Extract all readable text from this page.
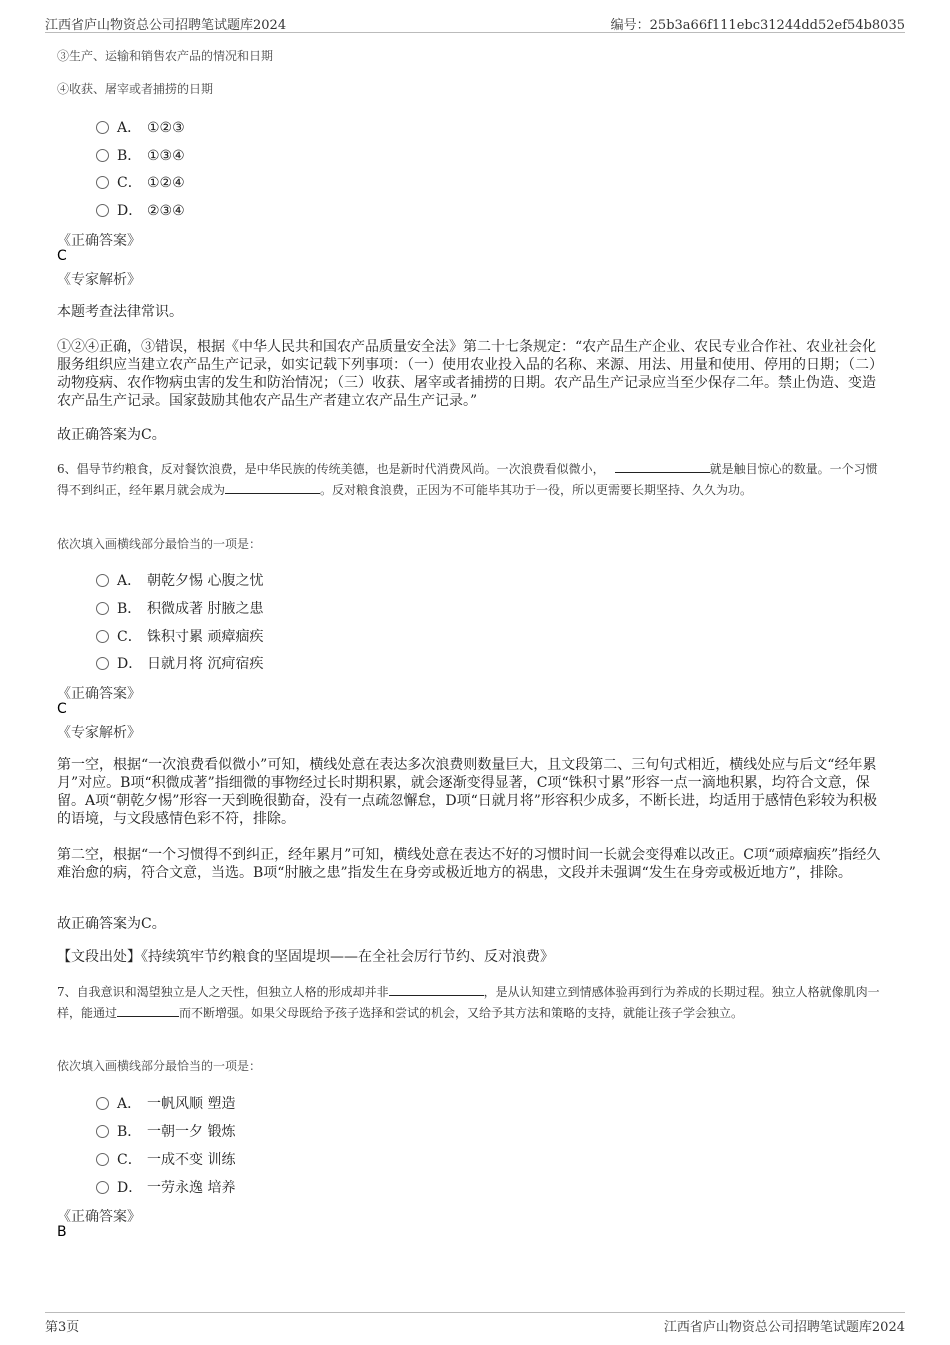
江西省庐山物资总公司招聘笔试题库2024	编号：25b3a66f111ebc31244dd52ef54b8035
③生产、运输和销售农产品的情况和日期
④收获、屠宰或者捕捞的日期
A． ①②③
B． ①③④
C． ①②④
D． ②③④
《正确答案》
C
《专家解析》
本题考查法律常识。
①②④正确，③错误，根据《中华人民共和国农产品质量安全法》第二十七条规定：“农产品生产企业、农民专业合作社、农业社会化服务组织应当建立农产品生产记录，如实记载下列事项：（一）使用农业投入品的名称、来源、用法、用量和使用、停用的日期；（二）动物疫病、农作物病虫害的发生和防治情况；（三）收获、屠宰或者捕捞的日期。农产品生产记录应当至少保存二年。禁止伪造、变造农产品生产记录。国家鼓励其他农产品生产者建立农产品生产记录。”
故正确答案为C。
6、倡导节约粮食，反对餐饮浪费，是中华民族的传统美德，也是新时代消费风尚。一次浪费看似微小，	就是触目惊心的数量。一个习惯得不到纠正，经年累月就会成为	。反对粮食浪费，正因为不可能毕其功于一役，所以更需要长期坚持、久久为功。
依次填入画横线部分最恰当的一项是：
A． 朝乾夕惕 心腹之忧
B． 积微成著 肘腋之患
C． 铢积寸累 顽瘴痼疾
D． 日就月将 沉疴宿疾
《正确答案》
C
《专家解析》
第一空，根据“一次浪费看似微小”可知，横线处意在表达多次浪费则数量巨大，且文段第二、三句句式相近，横线处应与后文“经年累月”对应。B项“积微成著”指细微的事物经过长时期积累，就会逐渐变得显著，C项“铢积寸累”形容一点一滴地积累，均符合文意，保留。A项“朝乾夕惕”形容一天到晚很勤奋，没有一点疏忽懈怠，D项“日就月将”形容积少成多，不断长进，均适用于感情色彩较为积极的语境，与文段感情色彩不符，排除。
第二空，根据“一个习惯得不到纠正，经年累月”可知，横线处意在表达不好的习惯时间一长就会变得难以改正。C项“顽瘴痼疾”指经久难治愈的病，符合文意，当选。B项“肘腋之患”指发生在身旁或极近地方的祸患，文段并未强调“发生在身旁或极近地方”，排除。
故正确答案为C。
【文段出处】《持续筑牢节约粮食的坚固堤坝——在全社会厉行节约、反对浪费》
7、自我意识和渴望独立是人之天性，但独立人格的形成却并非	，是从认知建立到情感体验再到行为养成的长期过程。独立人格就像肌肉一样，能通过	而不断增强。如果父母既给予孩子选择和尝试的机会，又给予其方法和策略的支持，就能让孩子学会独立。
依次填入画横线部分最恰当的一项是：
A． 一帆风顺 塑造
B． 一朝一夕 锻炼
C． 一成不变 训练
D． 一劳永逸 培养
《正确答案》
B
第3页	江西省庐山物资总公司招聘笔试题库2024
